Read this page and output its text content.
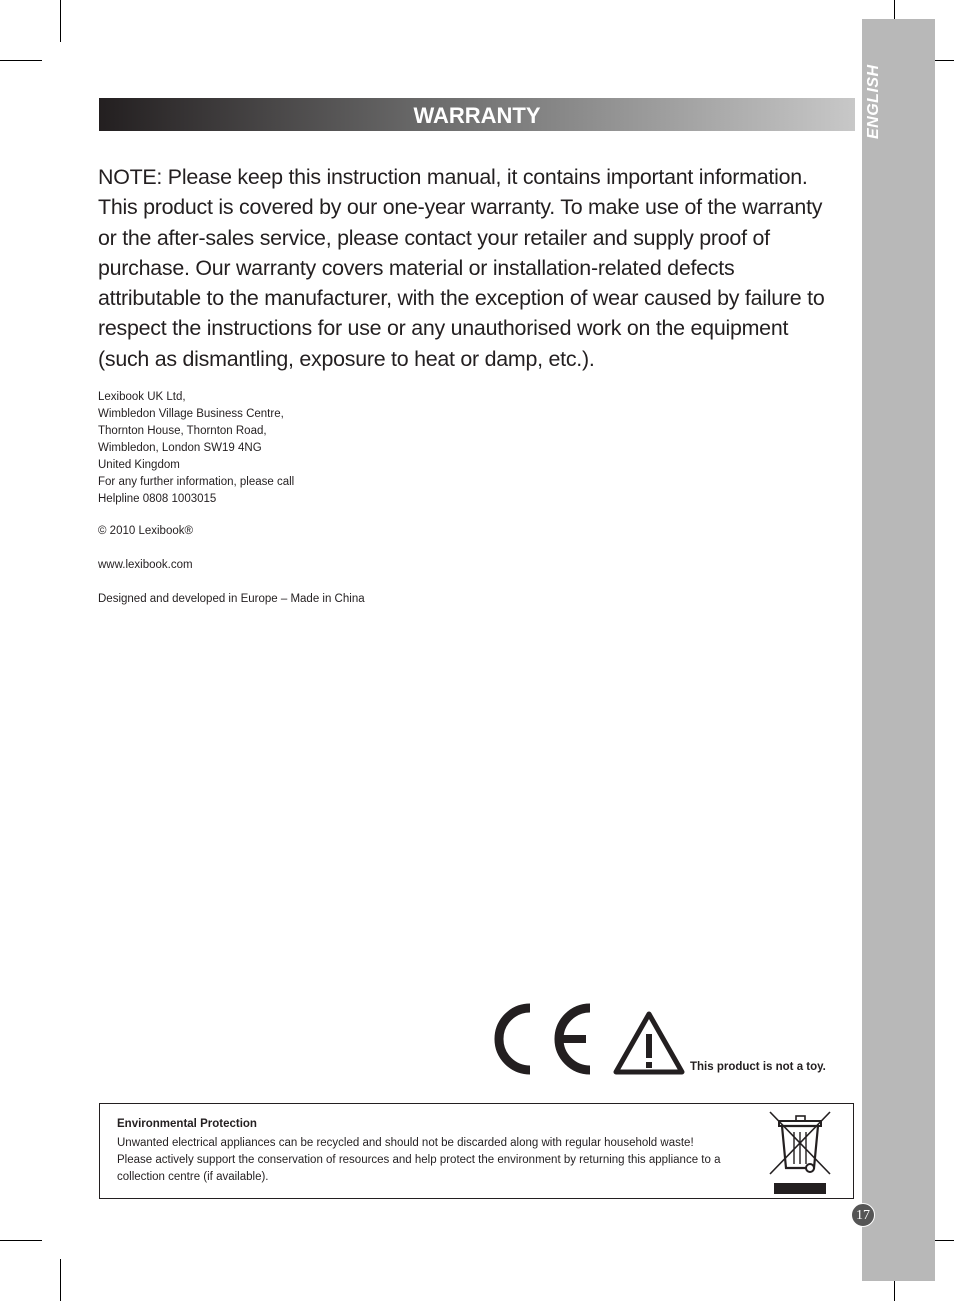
ENGLISH
WARRANTY

NOTE: Please keep this instruction manual, it contains important information.

This product is covered by our one-year warranty. To make use of the warranty or the after-sales service, please contact your retailer and supply proof of purchase. Our warranty covers material or installation-related defects attributable to the manufacturer, with the exception of wear caused by failure to respect the instructions for use or any unauthorised work on the equipment (such as dismantling, exposure to heat or damp, etc.).

Lexibook UK Ltd,
Wimbledon Village Business Centre,
Thornton House, Thornton Road,
Wimbledon, London SW19 4NG
United Kingdom
For any further information, please call
Helpline 0808 1003015
© 2010 Lexibook®
www.lexibook.com
Designed and developed in Europe – Made in China
This product is not a toy.
Environmental Protection
Unwanted electrical appliances can be recycled and should not be discarded along with regular household waste! Please actively support the conservation of resources and help protect the environment by returning this appliance to a collection centre (if available).
17
